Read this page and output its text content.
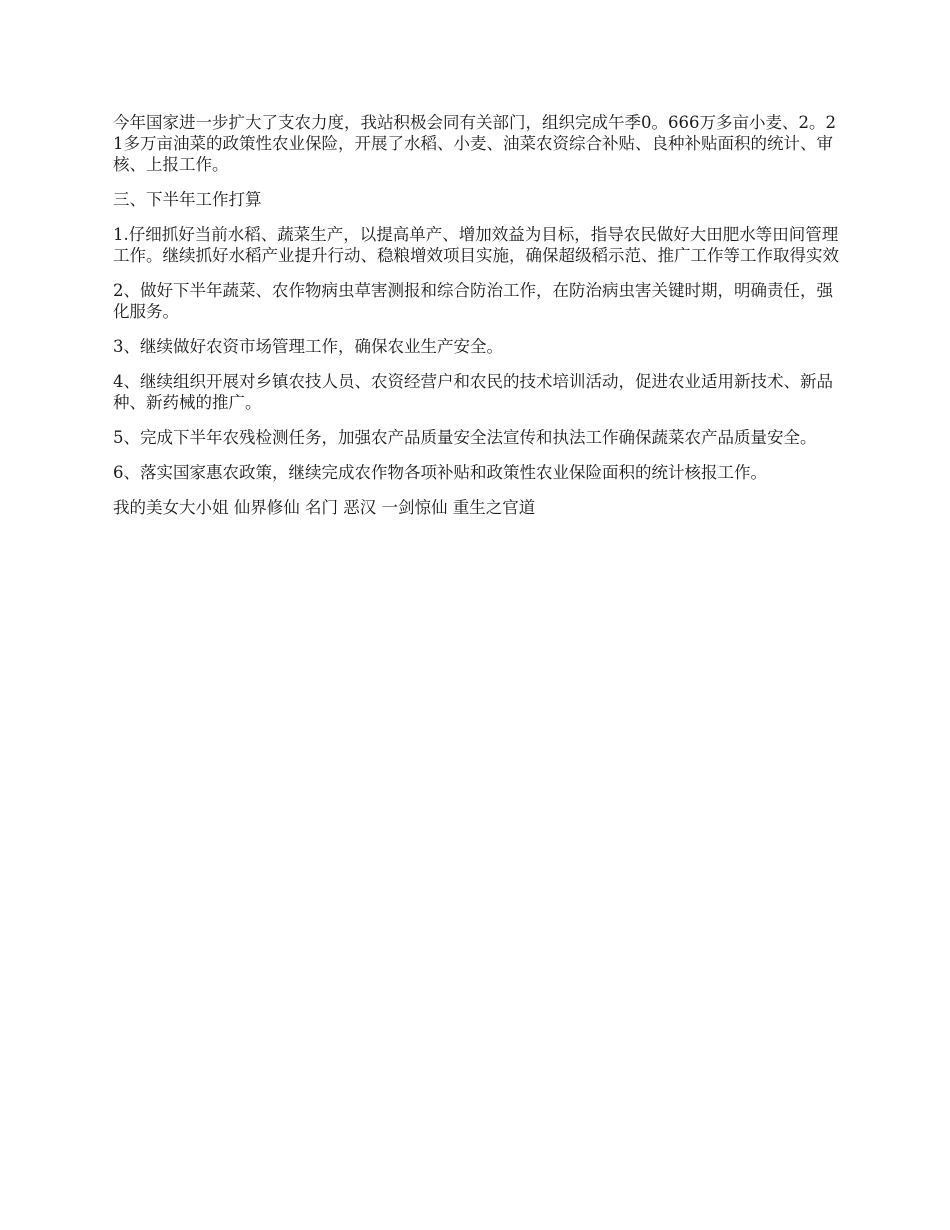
今年国家进一步扩大了支农力度，我站积极会同有关部门，组织完成午季0。666万多亩小麦、2。21多万亩油菜的政策性农业保险，开展了水稻、小麦、油菜农资综合补贴、良种补贴面积的统计、审核、上报工作。

三、下半年工作打算

1.仔细抓好当前水稻、蔬菜生产，以提高单产、增加效益为目标，指导农民做好大田肥水等田间管理工作。继续抓好水稻产业提升行动、稳粮增效项目实施，确保超级稻示范、推广工作等工作取得实效

2、做好下半年蔬菜、农作物病虫草害测报和综合防治工作，在防治病虫害关键时期，明确责任，强化服务。

3、继续做好农资市场管理工作，确保农业生产安全。

4、继续组织开展对乡镇农技人员、农资经营户和农民的技术培训活动，促进农业适用新技术、新品种、新药械的推广。

5、完成下半年农残检测任务，加强农产品质量安全法宣传和执法工作确保蔬菜农产品质量安全。

6、落实国家惠农政策，继续完成农作物各项补贴和政策性农业保险面积的统计核报工作。

我的美女大小姐 仙界修仙 名门 恶汉 一剑惊仙 重生之官道
